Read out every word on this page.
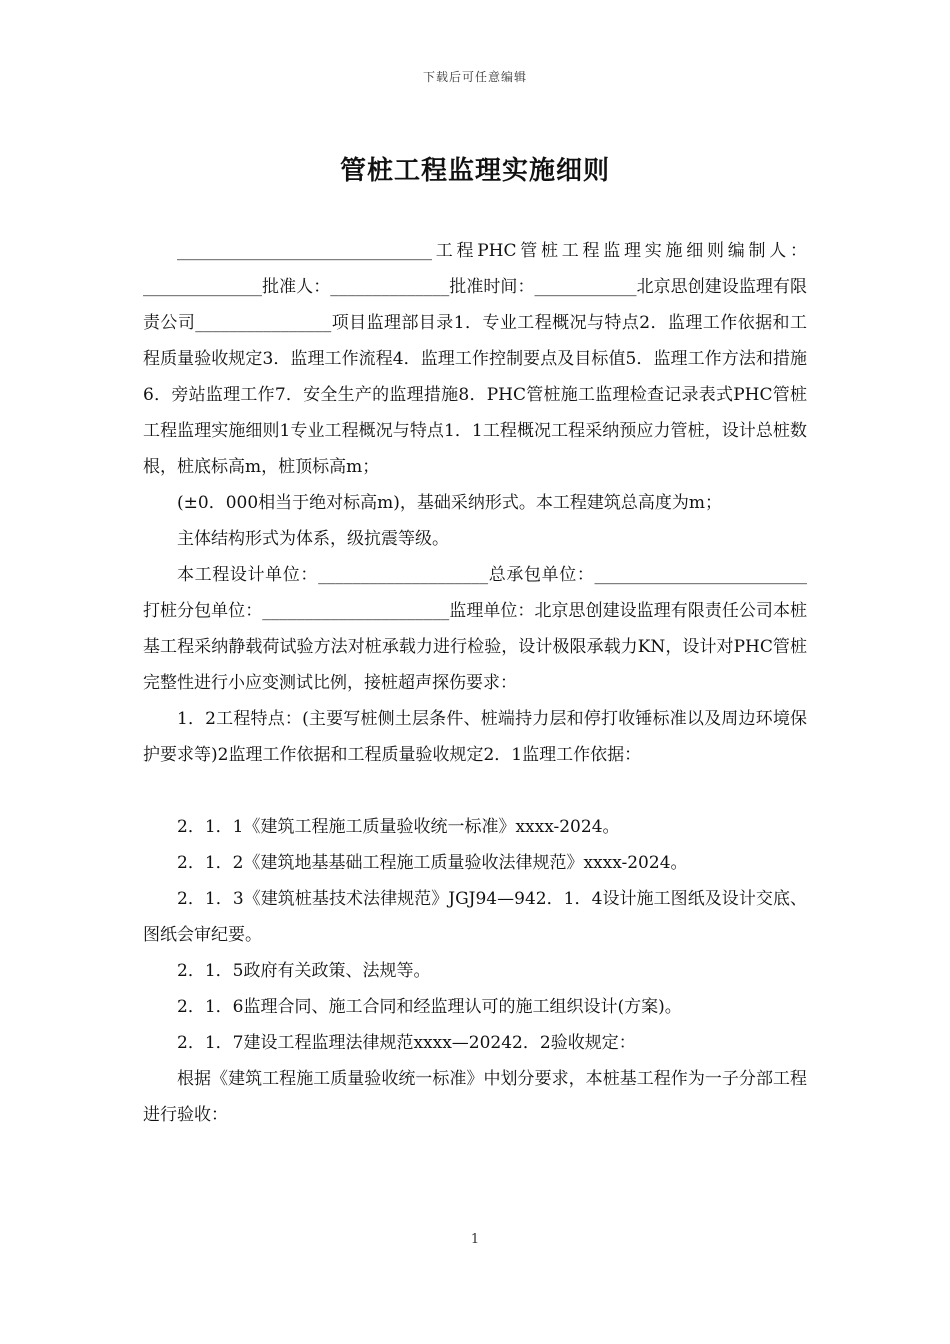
下载后可任意编辑
管桩工程监理实施细则

______________________________工程PHC管桩工程监理实施细则编制人：______________批准人：______________批准时间：____________北京思创建设监理有限责公司________________项目监理部目录1．专业工程概况与特点2．监理工作依据和工程质量验收规定3．监理工作流程4．监理工作控制要点及目标值5．监理工作方法和措施6．旁站监理工作7．安全生产的监理措施8．PHC管桩施工监理检查记录表式PHC管桩工程监理实施细则1专业工程概况与特点1．1工程概况工程采纳预应力管桩，设计总桩数根，桩底标高m，桩顶标高m；

(±0．000相当于绝对标高m)，基础采纳形式。本工程建筑总高度为m；

主体结构形式为体系，级抗震等级。

本工程设计单位：____________________总承包单位：_________________________打桩分包单位：______________________监理单位：北京思创建设监理有限责任公司本桩基工程采纳静载荷试验方法对桩承载力进行检验，设计极限承载力KN，设计对PHC管桩完整性进行小应变测试比例，接桩超声探伤要求：

1．2工程特点：(主要写桩侧土层条件、桩端持力层和停打收锤标准以及周边环境保护要求等)2监理工作依据和工程质量验收规定2．1监理工作依据：

2．1．1《建筑工程施工质量验收统一标准》xxxx-2024。

2．1．2《建筑地基基础工程施工质量验收法律规范》xxxx-2024。

2．1．3《建筑桩基技术法律规范》JGJ94—942．1．4设计施工图纸及设计交底、图纸会审纪要。

2．1．5政府有关政策、法规等。

2．1．6监理合同、施工合同和经监理认可的施工组织设计(方案)。

2．1．7建设工程监理法律规范xxxx—20242．2验收规定：

根据《建筑工程施工质量验收统一标准》中划分要求，本桩基工程作为一子分部工程进行验收：

1
